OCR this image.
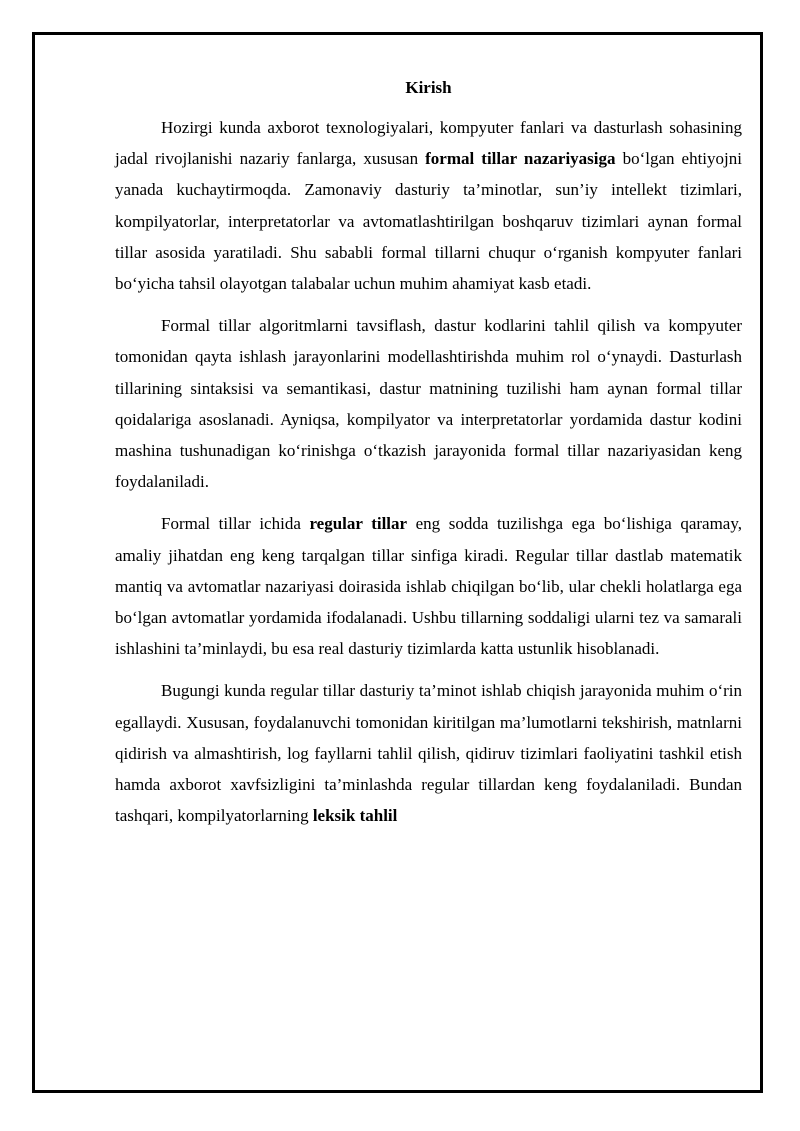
Kirish

Hozirgi kunda axborot texnologiyalari, kompyuter fanlari va dasturlash sohasining jadal rivojlanishi nazariy fanlarga, xususan formal tillar nazariyasiga bo‘lgan ehtiyojni yanada kuchaytirmoqda. Zamonaviy dasturiy ta’minotlar, sun’iy intellekt tizimlari, kompilyatorlar, interpretatorlar va avtomatlashtirilgan boshqaruv tizimlari aynan formal tillar asosida yaratiladi. Shu sababli formal tillarni chuqur o‘rganish kompyuter fanlari bo‘yicha tahsil olayotgan talabalar uchun muhim ahamiyat kasb etadi.

Formal tillar algoritmlarni tavsiflash, dastur kodlarini tahlil qilish va kompyuter tomonidan qayta ishlash jarayonlarini modellashtirishda muhim rol o‘ynaydi. Dasturlash tillarining sintaksisi va semantikasi, dastur matnining tuzilishi ham aynan formal tillar qoidalariga asoslanadi. Ayniqsa, kompilyator va interpretatorlar yordamida dastur kodini mashina tushunadigan ko‘rinishga o‘tkazish jarayonida formal tillar nazariyasidan keng foydalaniladi.

Formal tillar ichida regular tillar eng sodda tuzilishga ega bo‘lishiga qaramay, amaliy jihatdan eng keng tarqalgan tillar sinfiga kiradi. Regular tillar dastlab matematik mantiq va avtomatlar nazariyasi doirasida ishlab chiqilgan bo‘lib, ular chekli holatlarga ega bo‘lgan avtomatlar yordamida ifodalanadi. Ushbu tillarning soddaligi ularni tez va samarali ishlashini ta’minlaydi, bu esa real dasturiy tizimlarda katta ustunlik hisoblanadi.

Bugungi kunda regular tillar dasturiy ta’minot ishlab chiqish jarayonida muhim o‘rin egallaydi. Xususan, foydalanuvchi tomonidan kiritilgan ma’lumotlarni tekshirish, matnlarni qidirish va almashtirish, log fayllarni tahlil qilish, qidiruv tizimlari faoliyatini tashkil etish hamda axborot xavfsizligini ta’minlashda regular tillardan keng foydalaniladi. Bundan tashqari, kompilyatorlarning leksik tahlil
